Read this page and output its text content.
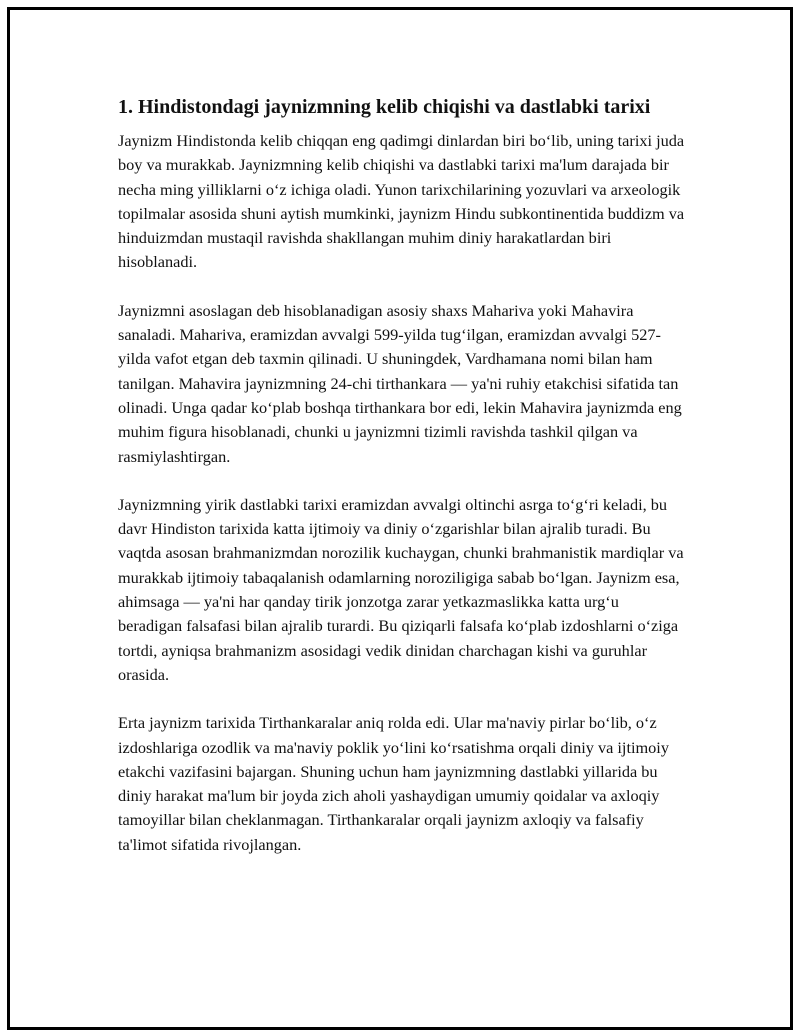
1. Hindistondagi jaynizmning kelib chiqishi va dastlabki tarixi

Jaynizm Hindistonda kelib chiqqan eng qadimgi dinlardan biri bo‘lib, uning tarixi juda boy va murakkab. Jaynizmning kelib chiqishi va dastlabki tarixi ma'lum darajada bir necha ming yilliklarni o‘z ichiga oladi. Yunon tarixchilarining yozuvlari va arxeologik topilmalar asosida shuni aytish mumkinki, jaynizm Hindu subkontinentida buddizm va hinduizmdan mustaqil ravishda shakllangan muhim diniy harakatlardan biri hisoblanadi.

Jaynizmni asoslagan deb hisoblanadigan asosiy shaxs Mahariva yoki Mahavira sanaladi. Mahariva, eramizdan avvalgi 599-yilda tug‘ilgan, eramizdan avvalgi 527-yilda vafot etgan deb taxmin qilinadi. U shuningdek, Vardhamana nomi bilan ham tanilgan. Mahavira jaynizmning 24-chi tirthankara — ya'ni ruhiy etakchisi sifatida tan olinadi. Unga qadar ko‘plab boshqa tirthankara bor edi, lekin Mahavira jaynizmda eng muhim figura hisoblanadi, chunki u jaynizmni tizimli ravishda tashkil qilgan va rasmiylashtirgan.

Jaynizmning yirik dastlabki tarixi eramizdan avvalgi oltinchi asrga to‘g‘ri keladi, bu davr Hindiston tarixida katta ijtimoiy va diniy o‘zgarishlar bilan ajralib turadi. Bu vaqtda asosan brahmanizmdan norozilik kuchaygan, chunki brahmanistik mardiqlar va murakkab ijtimoiy tabaqalanish odamlarning noroziligiga sabab bo‘lgan. Jaynizm esa, ahimsaga — ya'ni har qanday tirik jonzotga zarar yetkazmaslikka katta urg‘u beradigan falsafasi bilan ajralib turardi. Bu qiziqarli falsafa ko‘plab izdoshlarni o‘ziga tortdi, ayniqsa brahmanizm asosidagi vedik dinidan charchagan kishi va guruhlar orasida.

Erta jaynizm tarixida Tirthankaralar aniq rolda edi. Ular ma'naviy pirlar bo‘lib, o‘z izdoshlariga ozodlik va ma'naviy poklik yo‘lini ko‘rsatishma orqali diniy va ijtimoiy etakchi vazifasini bajargan. Shuning uchun ham jaynizmning dastlabki yillarida bu diniy harakat ma'lum bir joyda zich aholi yashaydigan umumiy qoidalar va axloqiy tamoyillar bilan cheklanmagan. Tirthankaralar orqali jaynizm axloqiy va falsafiy ta'limot sifatida rivojlangan.
